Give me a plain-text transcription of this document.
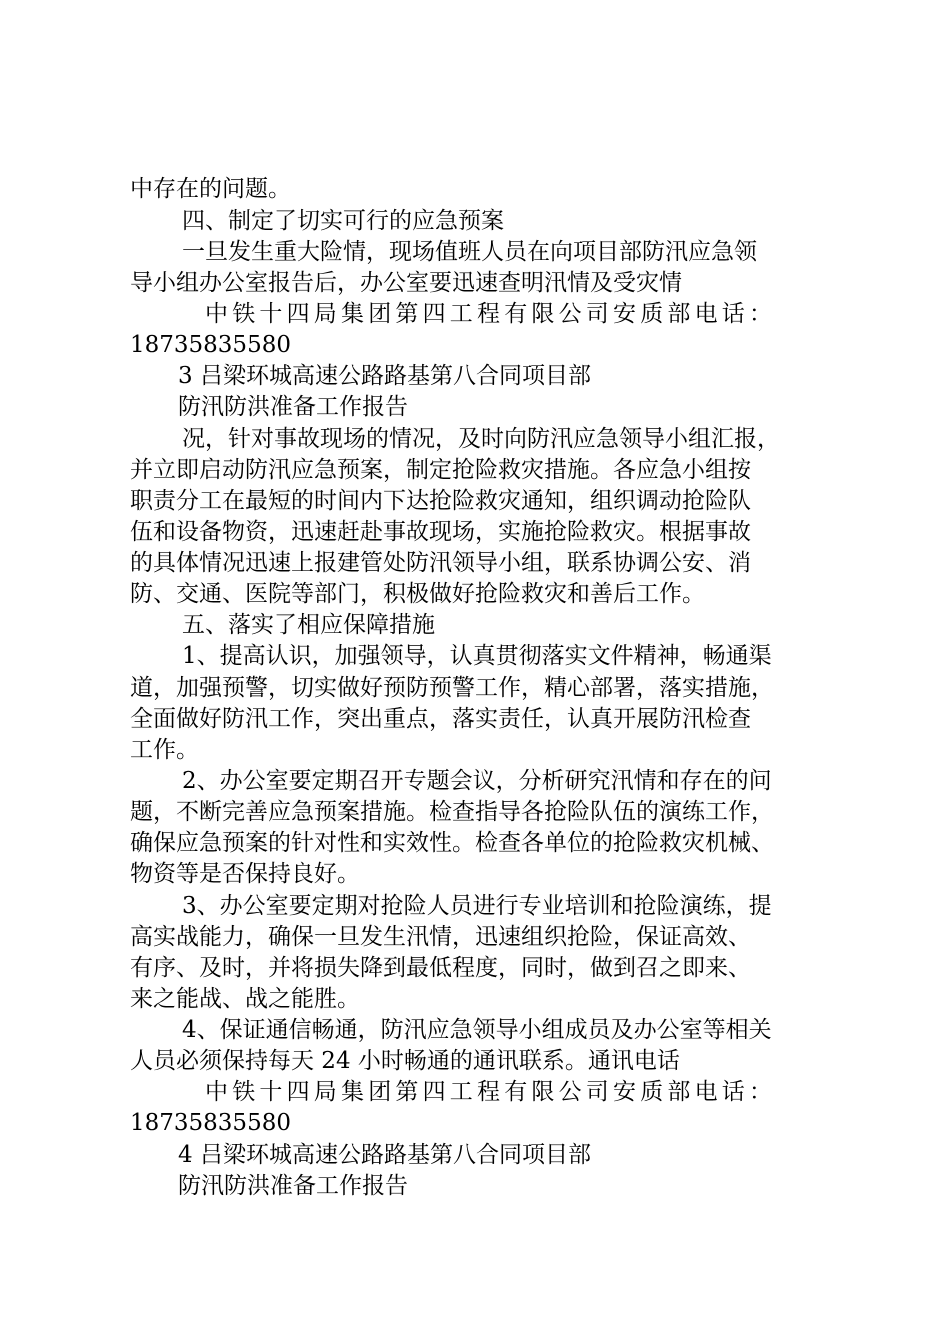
中存在的问题。
四、制定了切实可行的应急预案
一旦发生重大险情，现场值班人员在向项目部防汛应急领
导小组办公室报告后，办公室要迅速查明汛情及受灾情
中铁十四局集团第四工程有限公司安质部电话：
18735835580
3 吕梁环城高速公路路基第八合同项目部
防汛防洪准备工作报告
况，针对事故现场的情况，及时向防汛应急领导小组汇报，
并立即启动防汛应急预案，制定抢险救灾措施。各应急小组按
职责分工在最短的时间内下达抢险救灾通知，组织调动抢险队
伍和设备物资，迅速赶赴事故现场，实施抢险救灾。根据事故
的具体情况迅速上报建管处防汛领导小组，联系协调公安、消
防、交通、医院等部门，积极做好抢险救灾和善后工作。
五、落实了相应保障措施
1、提高认识，加强领导，认真贯彻落实文件精神，畅通渠
道，加强预警，切实做好预防预警工作，精心部署，落实措施，
全面做好防汛工作，突出重点，落实责任，认真开展防汛检查
工作。
2、办公室要定期召开专题会议，分析研究汛情和存在的问
题，不断完善应急预案措施。检查指导各抢险队伍的演练工作，
确保应急预案的针对性和实效性。检查各单位的抢险救灾机械、
物资等是否保持良好。
3、办公室要定期对抢险人员进行专业培训和抢险演练，提
高实战能力，确保一旦发生汛情，迅速组织抢险，保证高效、
有序、及时，并将损失降到最低程度，同时，做到召之即来、
来之能战、战之能胜。
4、保证通信畅通，防汛应急领导小组成员及办公室等相关
人员必须保持每天 24 小时畅通的通讯联系。通讯电话
中铁十四局集团第四工程有限公司安质部电话：
18735835580
4 吕梁环城高速公路路基第八合同项目部
防汛防洪准备工作报告
